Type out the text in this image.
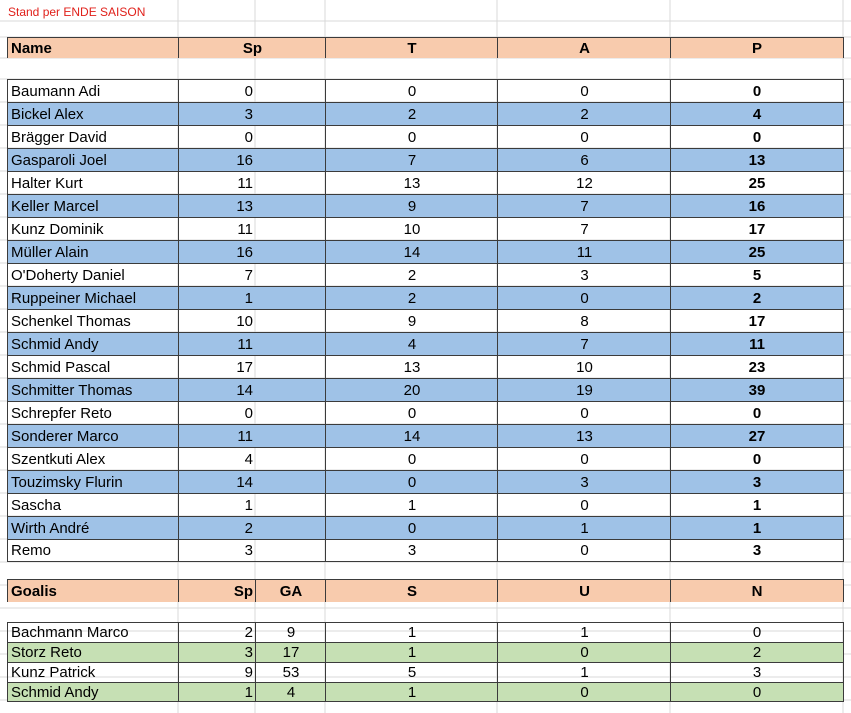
Stand per ENDE SAISON
Name	Sp	T	A	P
Baumann Adi	0	0	0	0
Bickel Alex	3	2	2	4
Brägger David	0	0	0	0
Gasparoli Joel	16	7	6	13
Halter Kurt	11	13	12	25
Keller Marcel	13	9	7	16
Kunz Dominik	11	10	7	17
Müller Alain	16	14	11	25
O'Doherty Daniel	7	2	3	5
Ruppeiner Michael	1	2	0	2
Schenkel Thomas	10	9	8	17
Schmid Andy	11	4	7	11
Schmid Pascal	17	13	10	23
Schmitter Thomas	14	20	19	39
Schrepfer Reto	0	0	0	0
Sonderer Marco	11	14	13	27
Szentkuti Alex	4	0	0	0
Touzimsky Flurin	14	0	3	3
Sascha	1	1	0	1
Wirth André	2	0	1	1
Remo	3	3	0	3
Goalis	Sp	GA	S	U	N
Bachmann Marco	2	9	1	1	0
Storz Reto	3	17	1	0	2
Kunz Patrick	9	53	5	1	3
Schmid Andy	1	4	1	0	0
